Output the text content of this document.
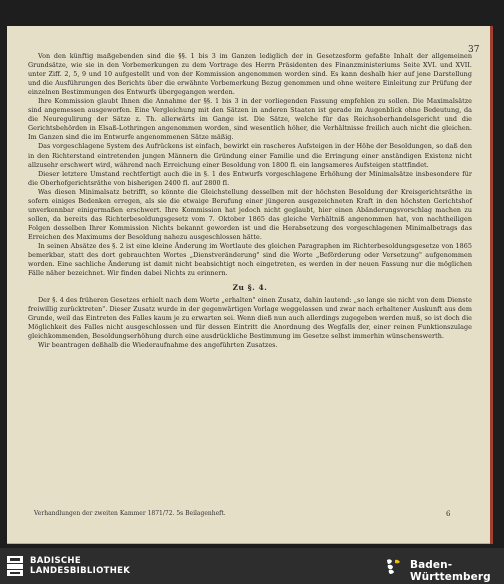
37

Von den künftig maßgebenden sind die §§. 1 bis 3 im Ganzen lediglich der in Gesetzesform gefaßte Inhalt der allgemeinen Grundsätze, wie sie in den Vorbemerkungen zu dem Vortrage des Herrn Präsidenten des Finanzministeriums Seite XVI. und XVII. unter Ziff. 2, 5, 9 und 10 aufgestellt und von der Kommission angenommen worden sind. Es kann deshalb hier auf jene Darstellung und die Ausführungen des Berichts über die erwähnte Vorbemerkung Bezug genommen und ohne weitere Einleitung zur Prüfung der einzelnen Bestimmungen des Entwurfs übergegangen werden.

Ihre Kommission glaubt Ihnen die Annahme der §§. 1 bis 3 in der vorliegenden Fassung empfehlen zu sollen. Die Maximalsätze sind angemessen ausgeworfen. Eine Vergleichung mit den Sätzen in anderen Staaten ist gerade im Augenblick ohne Bedeutung, da die Neuregulirung der Sätze z. Th. allerwärts im Gange ist. Die Sätze, welche für das Reichsoberhandelsgericht und die Gerichtsbehörden in Elsaß-Lothringen angenommen worden, sind wesentlich höher, die Verhältnisse freilich auch nicht die gleichen. Im Ganzen sind die im Entwurfe angenommenen Sätze mäßig.

Das vorgeschlagene System des Aufrückens ist einfach, bewirkt ein rascheres Aufsteigen in der Höhe der Besoldungen, so daß den in den Richterstand eintretenden jungen Männern die Gründung einer Familie und die Erringung einer anständigen Existenz nicht allzusehr erschwert wird, während nach Erreichung einer Besoldung von 1800 fl. ein langsameres Aufsteigen stattfindet.

Dieser letztere Umstand rechtfertigt auch die in §. 1 des Entwurfs vorgeschlagene Erhöhung der Minimalsätze insbesondere für die Oberhofgerichtsräthe von bisherigen 2400 fl. auf 2800 fl.

Was diesen Minimalsatz betrifft, so könnte die Gleichstellung desselben mit der höchsten Besoldung der Kreisgerichtsräthe in sofern einiges Bedenken erregen, als sie die etwaige Berufung einer jüngeren ausgezeichneten Kraft in den höchsten Gerichtshof unverkennbar einigermaßen erschwert. Ihre Kommission hat jedoch nicht geglaubt, hier einen Abänderungsvorschlag machen zu sollen, da bereits das Richterbesoldungsgesetz vom 7. Oktober 1865 das gleiche Verhältniß angenommen hat, von nachtheiligen Folgen desselben Ihrer Kommission Nichts bekannt geworden ist und die Herabsetzung des vorgeschlagenen Minimalbetrags das Erreichen des Maximums der Besoldung nahezu ausgeschlossen hätte.

In seinen Absätze des §. 2 ist eine kleine Änderung im Wortlaute des gleichen Paragraphen im Richterbesoldungsgesetze von 1865 bemerkbar, statt des dort gebrauchten Wortes „Dienstveränderung" sind die Worte „Beförderung oder Versetzung" aufgenommen worden. Eine sachliche Änderung ist damit nicht beabsichtigt noch eingetreten, es werden in der neuen Fassung nur die möglichen Fälle näher bezeichnet. Wir finden dabei Nichts zu erinnern.

Zu §. 4.

Der §. 4 des früheren Gesetzes erhielt nach dem Worte „erhalten" einen Zusatz, dahin lautend: „so lange sie nicht von dem Dienste freiwillig zurücktreten". Dieser Zusatz wurde in der gegenwärtigen Vorlage weggelassen und zwar nach erhaltener Auskunft aus dem Grunde, weil das Eintreten des Falles kaum je zu erwarten sei. Wenn dieß nun auch allerdings zugegeben werden muß, so ist doch die Möglichkeit des Falles nicht ausgeschlossen und für dessen Eintritt die Anordnung des Wegfalls der, einer reinen Funktionszulage gleichkommenden, Besoldungserhöhung durch eine ausdrückliche Bestimmung im Gesetze selbst immerhin wünschenswerth.

Wir beantragen deßhalb die Wiederaufnahme des angeführten Zusatzes.

Verhandlungen der zweiten Kammer 1871/72. 5s Beilagenheft.	6
BADISCHE
LANDESBIBLIOTHEK	Baden-Württemberg
